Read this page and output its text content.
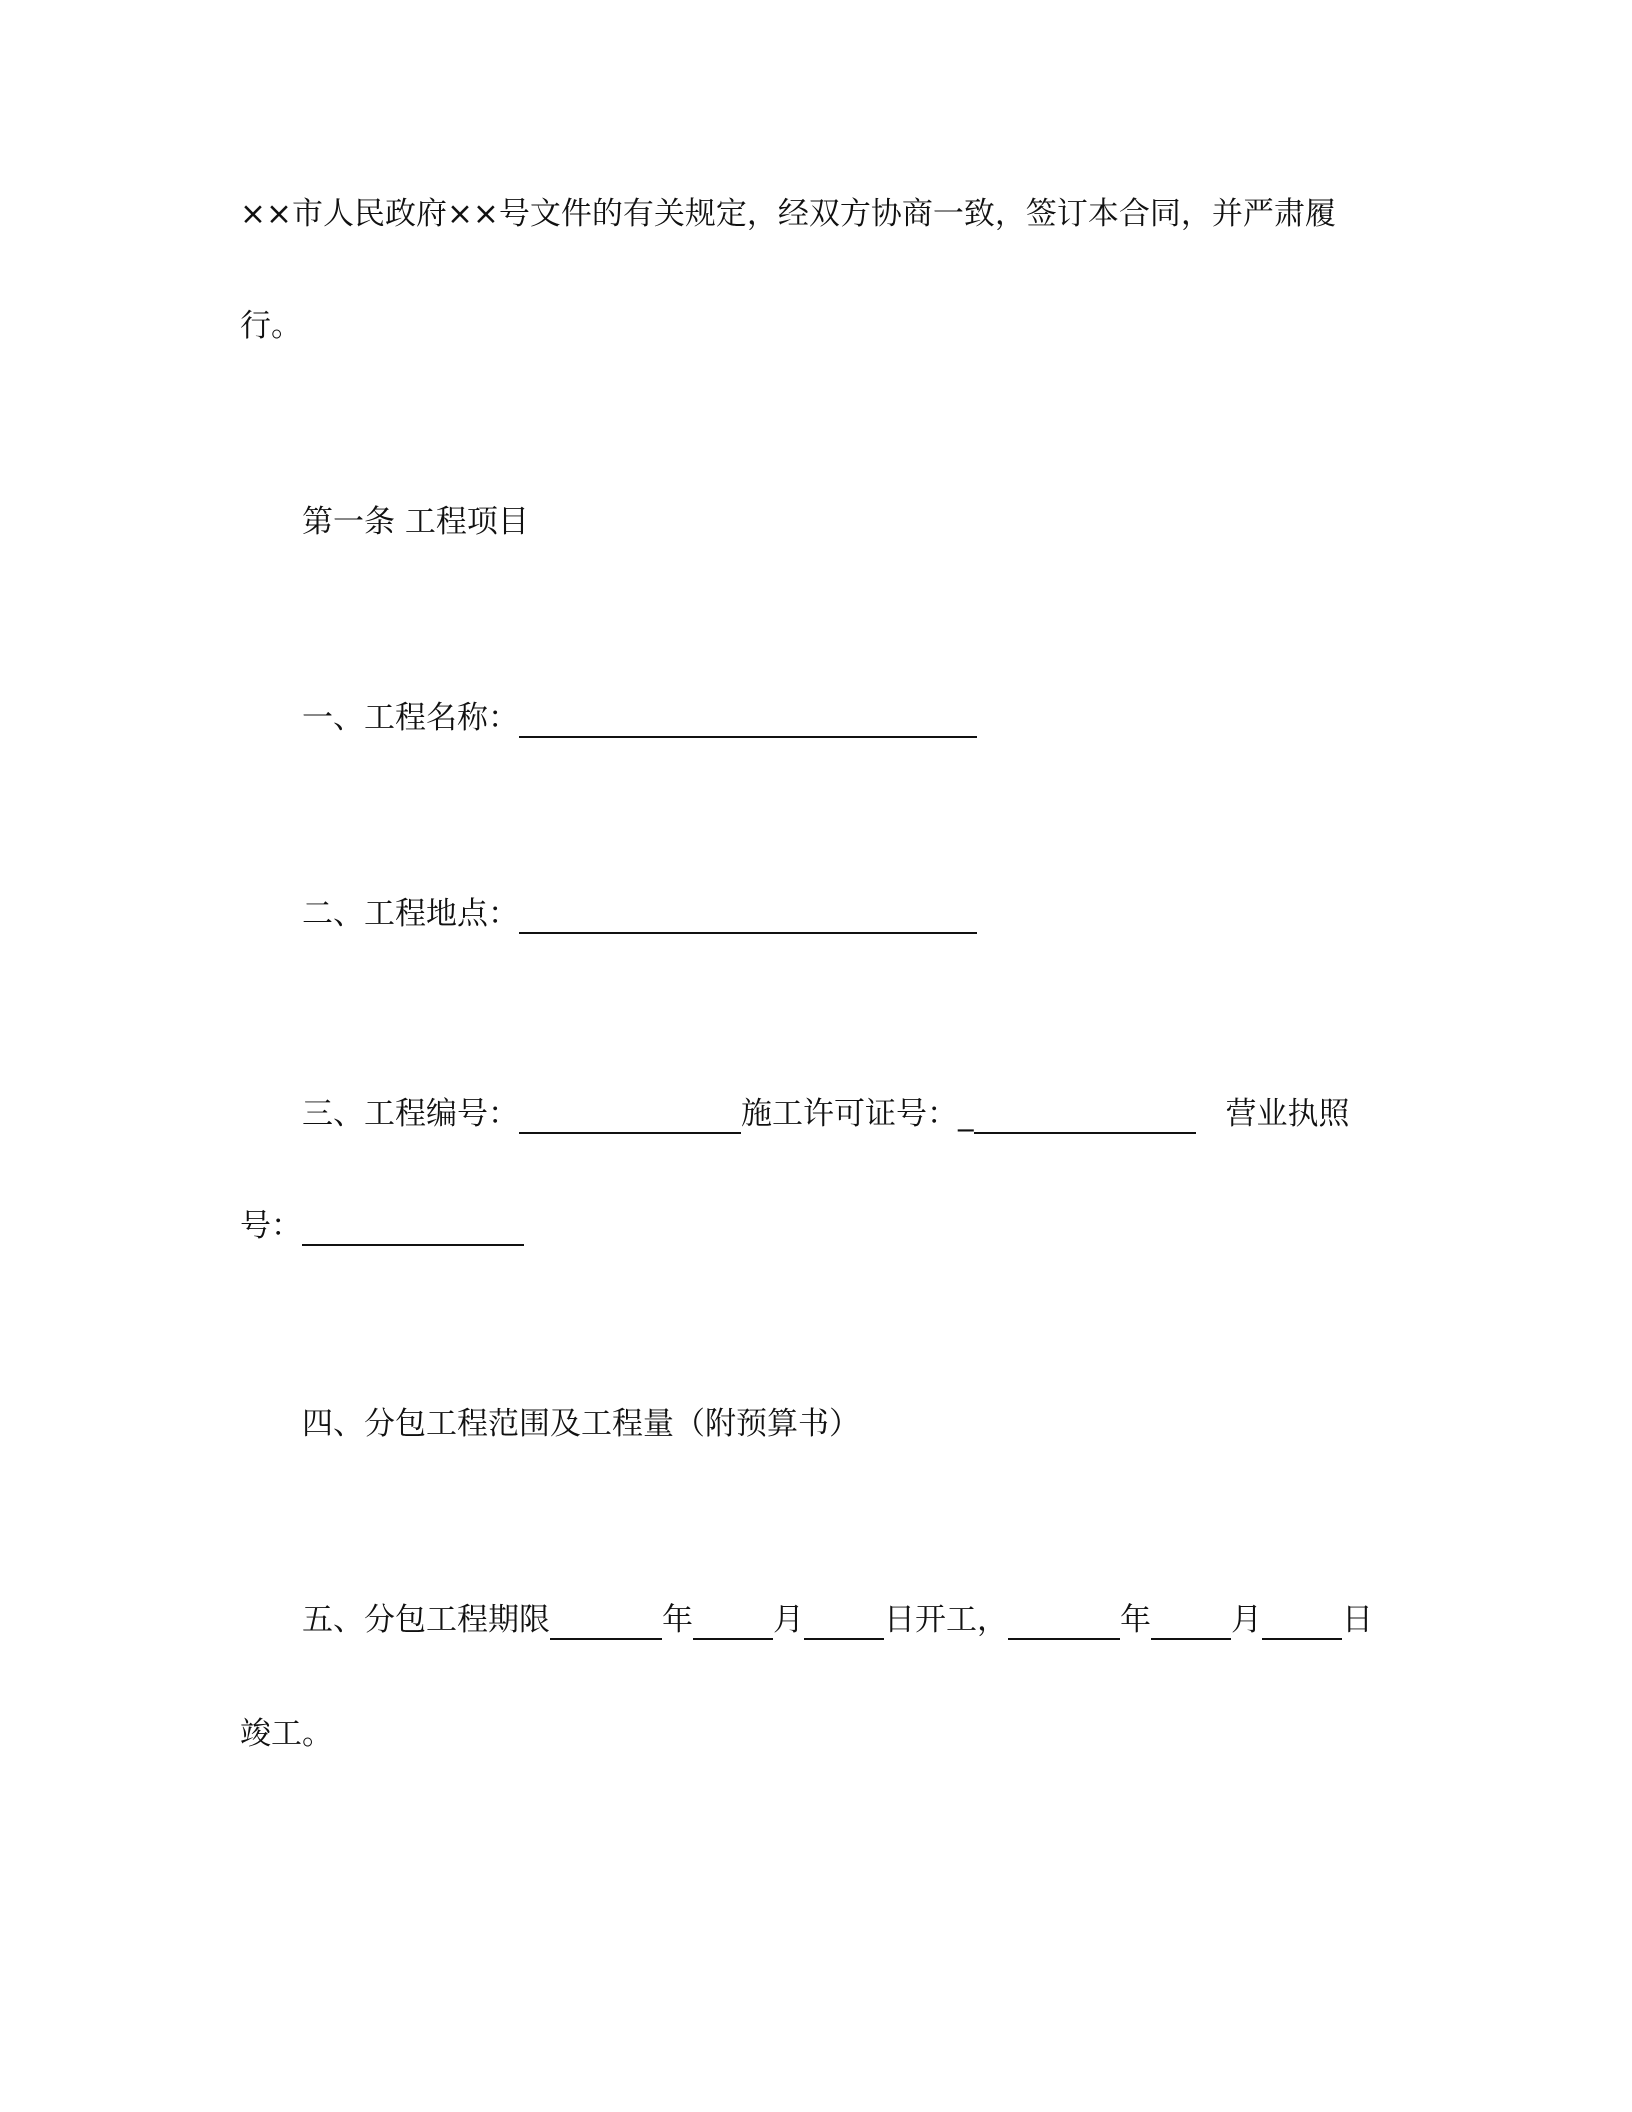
××市人民政府××号文件的有关规定，经双方协商一致，签订本合同，并严肃履
行。
第一条 工程项目
一、工程名称：
二、工程地点：
三、工程编号：	施工许可证号：_	营业执照
号：
四、分包工程范围及工程量（附预算书）
五、分包工程期限	年	月	日开工，	年	月	日
竣工。
